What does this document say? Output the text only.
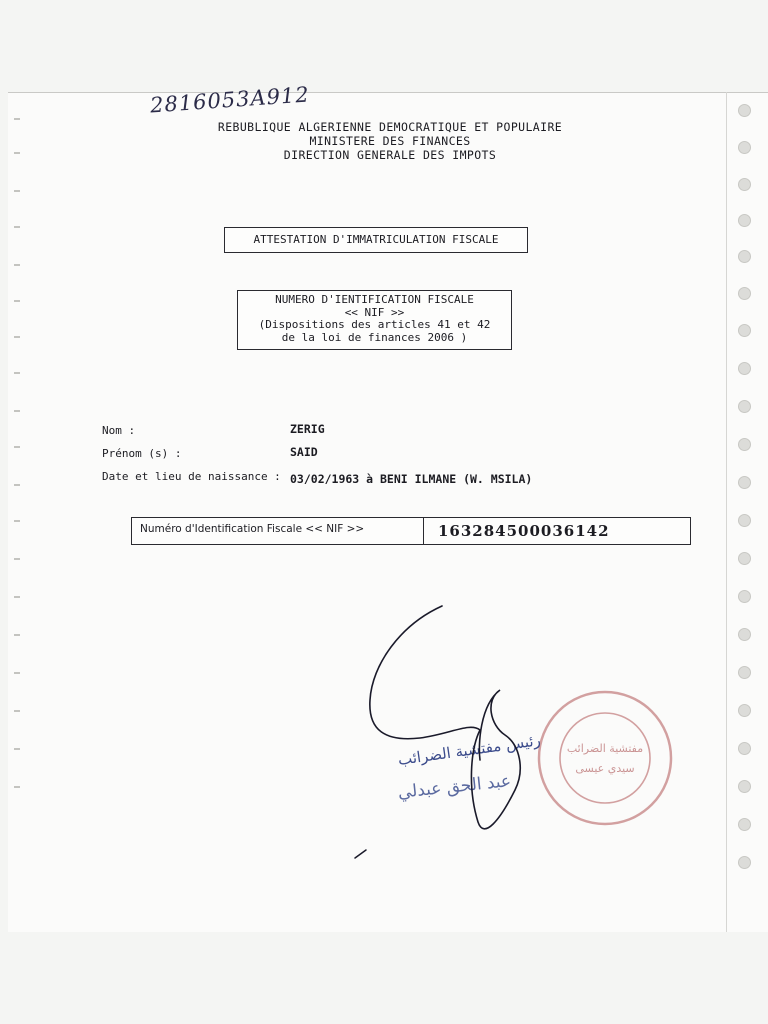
2816053A912
REBUBLIQUE ALGERIENNE DEMOCRATIQUE ET POPULAIRE
MINISTERE DES FINANCES
DIRECTION GENERALE DES IMPOTS
ATTESTATION D'IMMATRICULATION FISCALE
NUMERO D'IENTIFICATION FISCALE
<< NIF >>
(Dispositions des articles 41 et 42
de la loi de finances 2006 )
Nom :	ZERIG
Prénom (s) :	SAID
Date et lieu de naissance : 03/02/1963 à BENI ILMANE (W. MSILA)
Numéro d'Identification Fiscale << NIF >>	163284500036142
مفتشية الضرائب
سيدي عيسى
رئيس مفتشية الضرائب
عبد الحق عبدلي
